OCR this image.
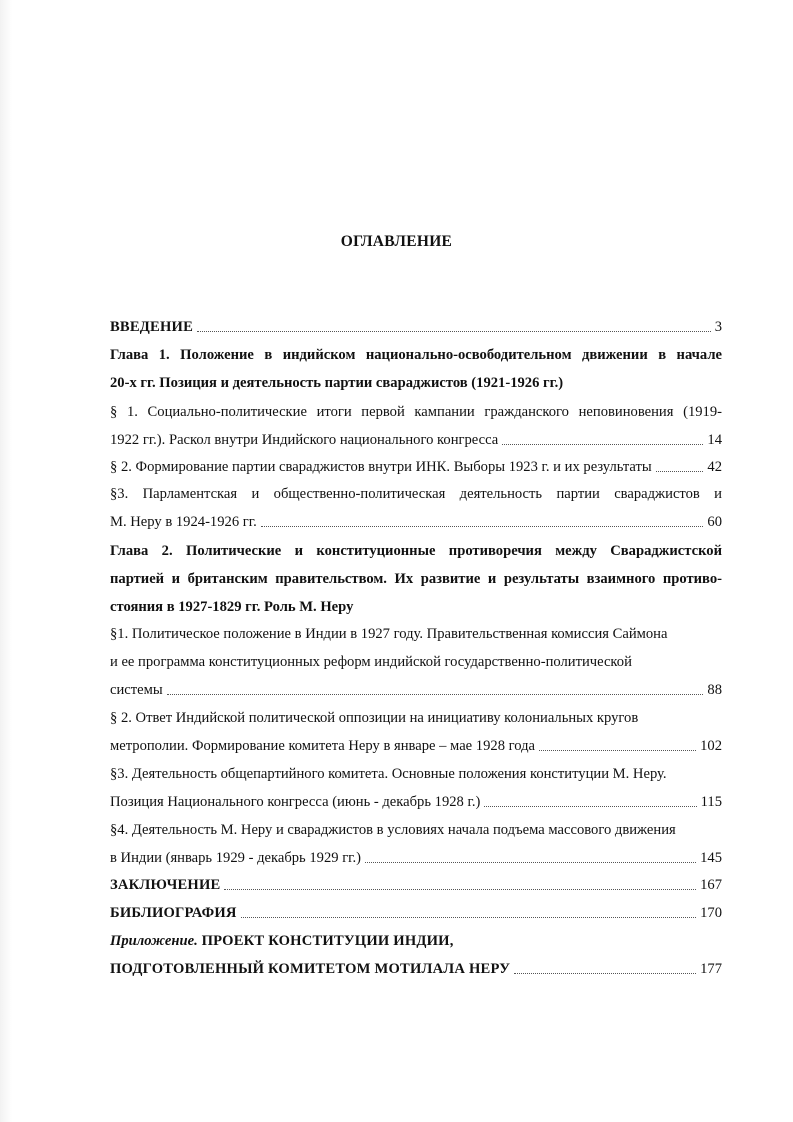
ОГЛАВЛЕНИЕ
ВВЕДЕНИЕ	3
Глава 1. Положение в индийском национально-освободительном движении в начале
20-х гг. Позиция и деятельность партии свараджистов (1921-1926 гг.)
§ 1. Социально-политические итоги первой кампании гражданского неповиновения (1919-
1922 гг.). Раскол внутри Индийского национального конгресса	14
§ 2. Формирование партии свараджистов внутри ИНК. Выборы 1923 г. и их результаты	42
§3. Парламентская и общественно-политическая деятельность партии свараджистов и
М. Неру в 1924-1926 гг.	60
Глава 2. Политические и конституционные противоречия между Свараджистской
партией и британским правительством. Их развитие и результаты взаимного противо-
стояния в 1927-1829 гг. Роль М. Неру
§1. Политическое положение в Индии в 1927 году. Правительственная комиссия Саймона
и ее программа конституционных реформ индийской государственно-политической
системы	88
§ 2. Ответ Индийской политической оппозиции на инициативу колониальных кругов
метрополии. Формирование комитета Неру в январе – мае 1928 года	102
§3. Деятельность общепартийного комитета. Основные положения конституции М. Неру.
Позиция Национального конгресса (июнь - декабрь 1928 г.)	115
§4. Деятельность М. Неру и свараджистов в условиях начала подъема массового движения
в Индии (январь 1929 - декабрь 1929 гг.)	145
ЗАКЛЮЧЕНИЕ	167
БИБЛИОГРАФИЯ	170
Приложение. ПРОЕКТ КОНСТИТУЦИИ ИНДИИ,
ПОДГОТОВЛЕННЫЙ КОМИТЕТОМ МОТИЛАЛА НЕРУ	177
